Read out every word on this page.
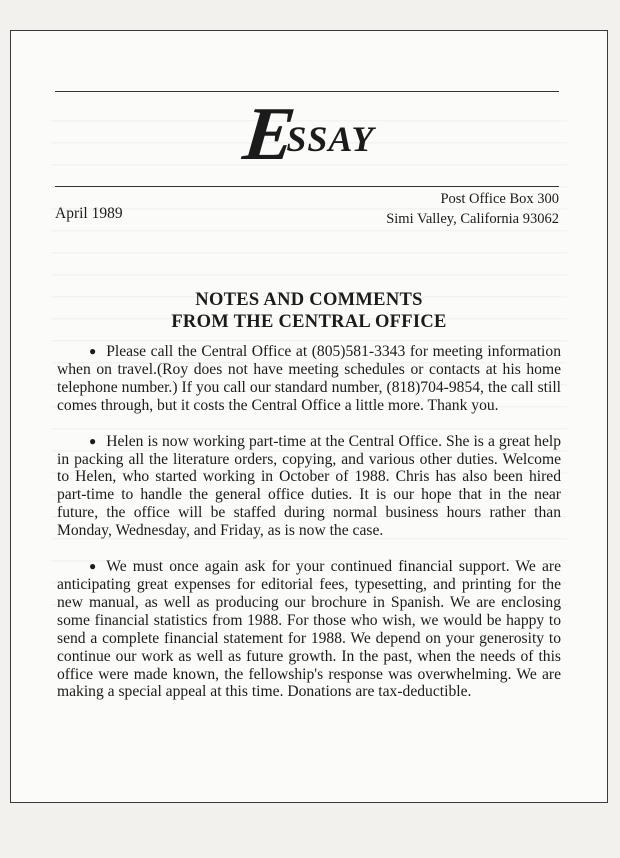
ESSAY
April 1989
Post Office Box 300
Simi Valley, California 93062
NOTES AND COMMENTS
FROM THE CENTRAL OFFICE

● Please call the Central Office at (805)581-3343 for meeting information when on travel.(Roy does not have meeting schedules or contacts at his home telephone number.) If you call our standard number, (818)704-9854, the call still comes through, but it costs the Central Office a little more. Thank you.

● Helen is now working part-time at the Central Office. She is a great help in packing all the literature orders, copying, and various other duties. Welcome to Helen, who started working in October of 1988. Chris has also been hired part-time to handle the general office duties. It is our hope that in the near future, the office will be staffed during normal business hours rather than Monday, Wednesday, and Friday, as is now the case.

● We must once again ask for your continued financial support. We are anticipating great expenses for editorial fees, typesetting, and printing for the new manual, as well as producing our brochure in Spanish. We are enclosing some financial statistics from 1988. For those who wish, we would be happy to send a complete financial statement for 1988. We depend on your generosity to continue our work as well as future growth. In the past, when the needs of this office were made known, the fellowship's response was overwhelming. We are making a special appeal at this time. Donations are tax-deductible.
